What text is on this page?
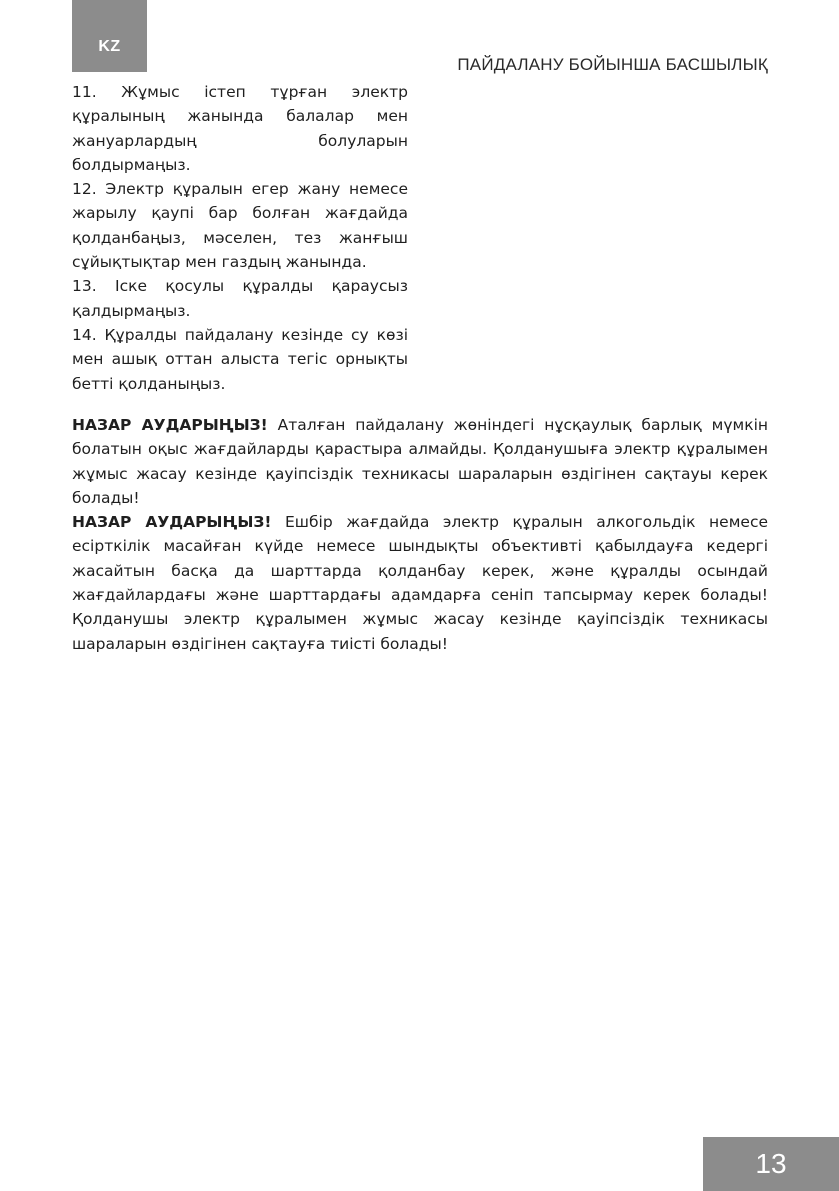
KZ
ПАЙДАЛАНУ БОЙЫНША БАСШЫЛЫҚ
11. Жұмыс істеп тұрған электр құралының жанында балалар мен жануарлардың болуларын болдырмаңыз.
12. Электр құралын егер жану немесе жарылу қаупі бар болған жағдайда қолданбаңыз, мәселен, тез жанғыш сұйықтықтар мен газдың жанында.
13. Іске қосулы құралды қараусыз қалдырмаңыз.
14. Құралды пайдалану кезінде су көзі мен ашық оттан алыста тегіс орнықты бетті қолданыңыз.

НАЗАР АУДАРЫҢЫЗ! Аталған пайдалану жөніндегі нұсқаулық барлық мүмкін болатын оқыс жағдайларды қарастыра алмайды. Қолданушыға электр құралымен жұмыс жасау кезінде қауіпсіздік техникасы шараларын өздігінен сақтауы керек болады!

НАЗАР АУДАРЫҢЫЗ! Ешбір жағдайда электр құралын алкогольдік немесе есірткілік масайған күйде немесе шындықты объективті қабылдауға кедергі жасайтын басқа да шарттарда қолданбау керек, және құралды осындай жағдайлардағы және шарттардағы адамдарға сеніп тапсырмау керек болады! Қолданушы электр құралымен жұмыс жасау кезінде қауіпсіздік техникасы шараларын өздігінен сақтауға тиісті болады!

13
